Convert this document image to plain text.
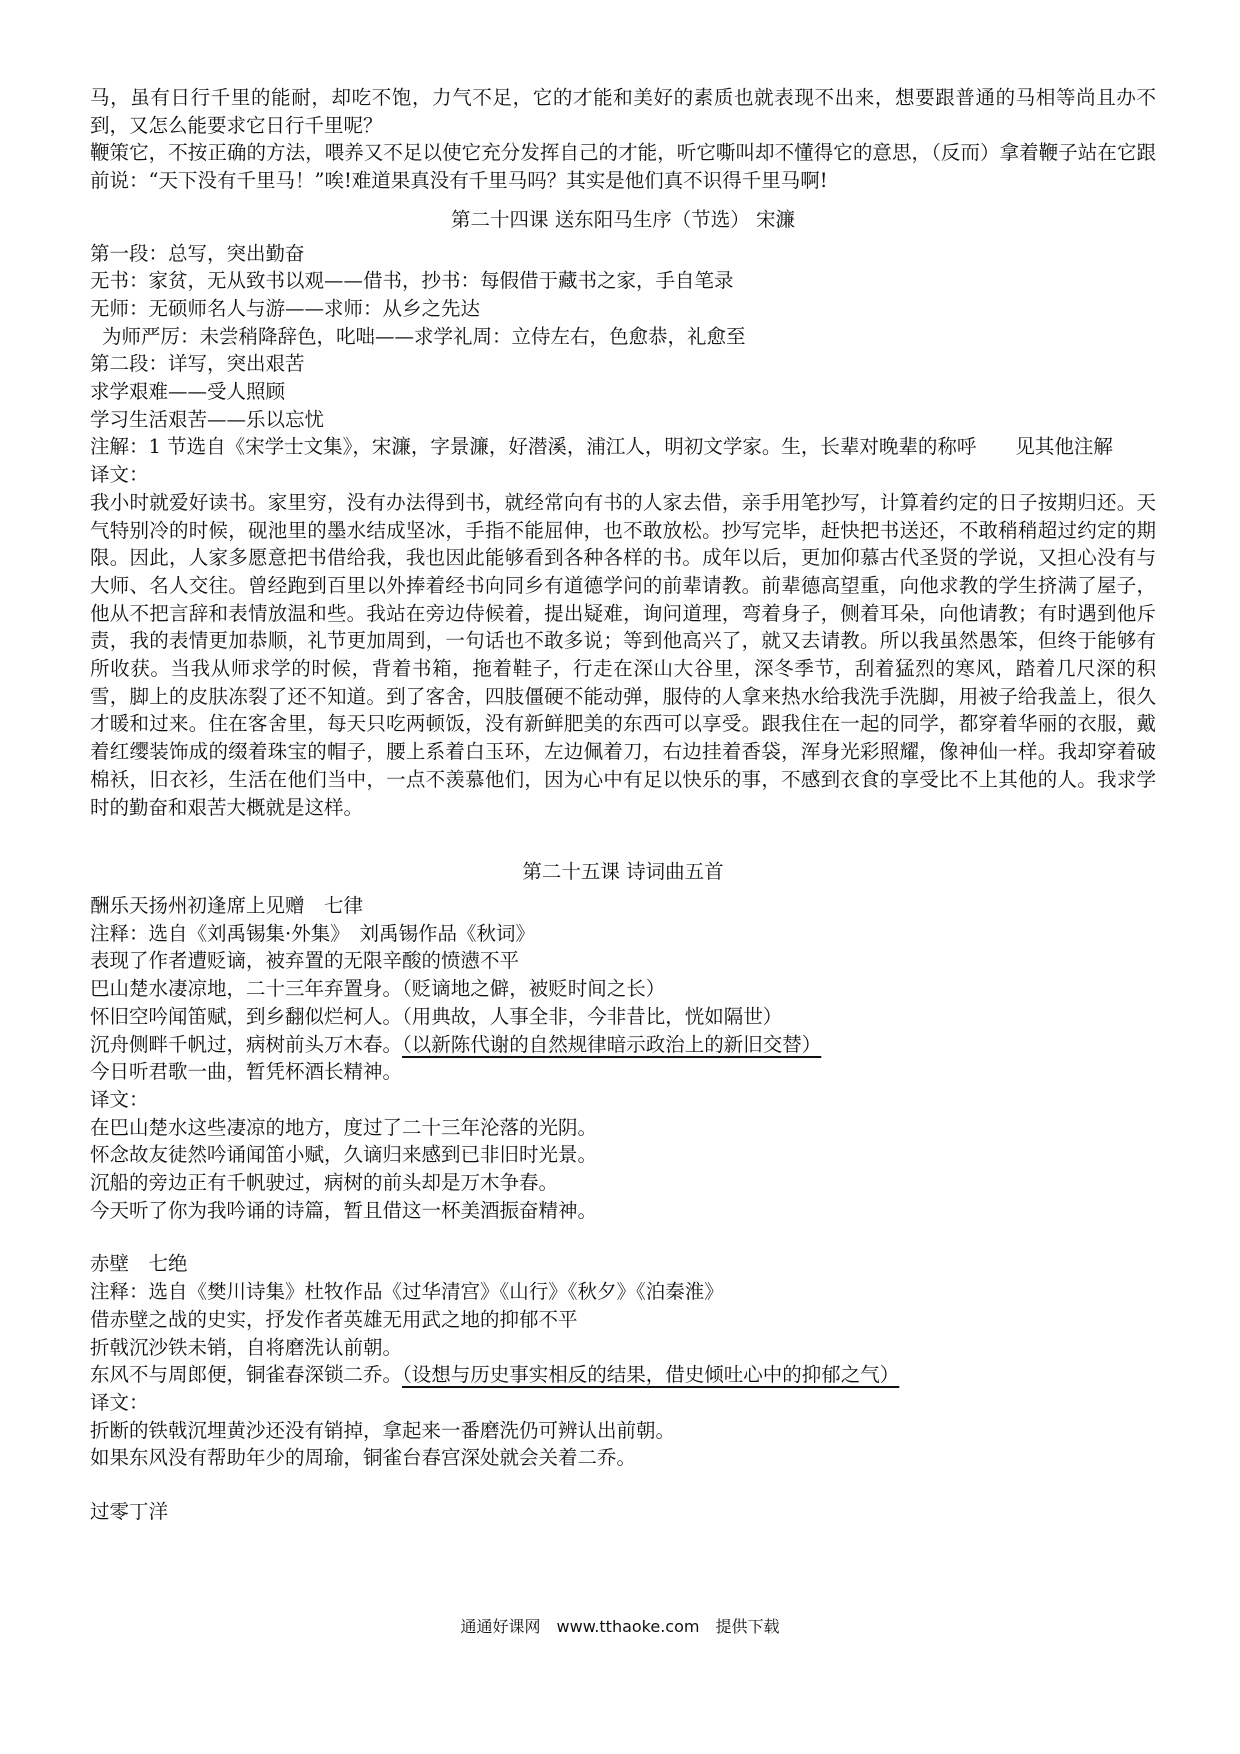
马，虽有日行千里的能耐，却吃不饱，力气不足，它的才能和美好的素质也就表现不出来，想要跟普通的马相等尚且办不到，又怎么能要求它日行千里呢？

鞭策它，不按正确的方法，喂养又不足以使它充分发挥自己的才能，听它嘶叫却不懂得它的意思，（反而）拿着鞭子站在它跟前说：“天下没有千里马！”唉!难道果真没有千里马吗？其实是他们真不识得千里马啊!

第二十四课 送东阳马生序（节选） 宋濂

第一段：总写，突出勤奋

无书：家贫，无从致书以观——借书，抄书：每假借于藏书之家，手自笔录

无师：无硕师名人与游——求师：从乡之先达

为师严厉：未尝稍降辞色，叱咄——求学礼周：立侍左右，色愈恭，礼愈至

第二段：详写，突出艰苦

求学艰难——受人照顾

学习生活艰苦——乐以忘忧

注解：1 节选自《宋学士文集》，宋濂，字景濂，好潜溪，浦江人，明初文学家。生，长辈对晚辈的称呼　　见其他注解

译文：

我小时就爱好读书。家里穷，没有办法得到书，就经常向有书的人家去借，亲手用笔抄写，计算着约定的日子按期归还。天气特别冷的时候，砚池里的墨水结成坚冰，手指不能屈伸，也不敢放松。抄写完毕，赶快把书送还，不敢稍稍超过约定的期限。因此，人家多愿意把书借给我，我也因此能够看到各种各样的书。成年以后，更加仰慕古代圣贤的学说，又担心没有与大师、名人交往。曾经跑到百里以外捧着经书向同乡有道德学问的前辈请教。前辈德高望重，向他求教的学生挤满了屋子，他从不把言辞和表情放温和些。我站在旁边侍候着，提出疑难，询问道理，弯着身子，侧着耳朵，向他请教；有时遇到他斥责，我的表情更加恭顺，礼节更加周到，一句话也不敢多说；等到他高兴了，就又去请教。所以我虽然愚笨，但终于能够有所收获。当我从师求学的时候，背着书箱，拖着鞋子，行走在深山大谷里，深冬季节，刮着猛烈的寒风，踏着几尺深的积雪，脚上的皮肤冻裂了还不知道。到了客舍，四肢僵硬不能动弹，服侍的人拿来热水给我洗手洗脚，用被子给我盖上，很久才暖和过来。住在客舍里，每天只吃两顿饭，没有新鲜肥美的东西可以享受。跟我住在一起的同学，都穿着华丽的衣服，戴着红缨装饰成的缀着珠宝的帽子，腰上系着白玉环，左边佩着刀，右边挂着香袋，浑身光彩照耀，像神仙一样。我却穿着破棉袄，旧衣衫，生活在他们当中，一点不羡慕他们，因为心中有足以快乐的事，不感到衣食的享受比不上其他的人。我求学时的勤奋和艰苦大概就是这样。

第二十五课 诗词曲五首

酬乐天扬州初逢席上见赠　七律

注释：选自《刘禹锡集·外集》　刘禹锡作品《秋词》

表现了作者遭贬谪，被弃置的无限辛酸的愤懑不平

巴山楚水凄凉地，二十三年弃置身。（贬谪地之僻，被贬时间之长）

怀旧空吟闻笛赋，到乡翻似烂柯人。（用典故，人事全非，今非昔比，恍如隔世）

沉舟侧畔千帆过，病树前头万木春。（以新陈代谢的自然规律暗示政治上的新旧交替）

今日听君歌一曲，暂凭杯酒长精神。

译文：

在巴山楚水这些凄凉的地方，度过了二十三年沦落的光阴。

怀念故友徒然吟诵闻笛小赋，久谪归来感到已非旧时光景。

沉船的旁边正有千帆驶过，病树的前头却是万木争春。

今天听了你为我吟诵的诗篇，暂且借这一杯美酒振奋精神。

赤壁　七绝

注释：选自《樊川诗集》杜牧作品《过华清宫》《山行》《秋夕》《泊秦淮》

借赤壁之战的史实，抒发作者英雄无用武之地的抑郁不平

折戟沉沙铁未销，自将磨洗认前朝。

东风不与周郎便，铜雀春深锁二乔。（设想与历史事实相反的结果，借史倾吐心中的抑郁之气）

译文：

折断的铁戟沉埋黄沙还没有销掉，拿起来一番磨洗仍可辨认出前朝。

如果东风没有帮助年少的周瑜，铜雀台春宫深处就会关着二乔。

过零丁洋

通通好课网　www.tthaoke.com　提供下载
